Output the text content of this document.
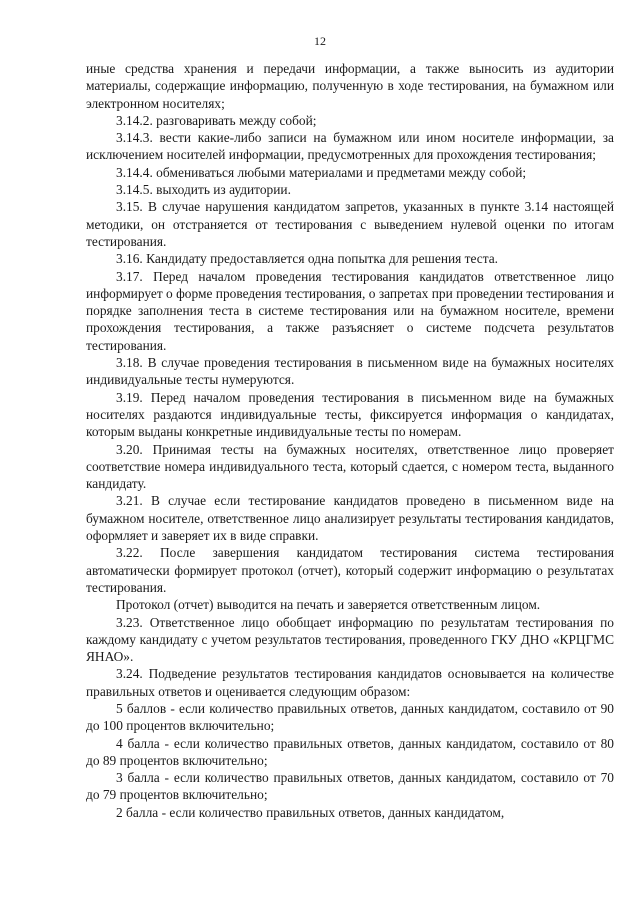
12

иные средства хранения и передачи информации, а также выносить из аудитории материалы, содержащие информацию, полученную в ходе тестирования, на бумажном или электронном носителях;

3.14.2. разговаривать между собой;

3.14.3. вести какие-либо записи на бумажном или ином носителе информации, за исключением носителей информации, предусмотренных для прохождения тестирования;

3.14.4. обмениваться любыми материалами и предметами между собой;

3.14.5. выходить из аудитории.

3.15. В случае нарушения кандидатом запретов, указанных в пункте 3.14 настоящей методики, он отстраняется от тестирования с выведением нулевой оценки по итогам тестирования.

3.16. Кандидату предоставляется одна попытка для решения теста.

3.17. Перед началом проведения тестирования кандидатов ответственное лицо информирует о форме проведения тестирования, о запретах при проведении тестирования и порядке заполнения теста в системе тестирования или на бумажном носителе, времени прохождения тестирования, а также разъясняет о системе подсчета результатов тестирования.

3.18. В случае проведения тестирования в письменном виде на бумажных носителях индивидуальные тесты нумеруются.

3.19. Перед началом проведения тестирования в письменном виде на бумажных носителях раздаются индивидуальные тесты, фиксируется информация о кандидатах, которым выданы конкретные индивидуальные тесты по номерам.

3.20. Принимая тесты на бумажных носителях, ответственное лицо проверяет соответствие номера индивидуального теста, который сдается, с номером теста, выданного кандидату.

3.21. В случае если тестирование кандидатов проведено в письменном виде на бумажном носителе, ответственное лицо анализирует результаты тестирования кандидатов, оформляет и заверяет их в виде справки.

3.22. После завершения кандидатом тестирования система тестирования автоматически формирует протокол (отчет), который содержит информацию о результатах тестирования.

Протокол (отчет) выводится на печать и заверяется ответственным лицом.

3.23. Ответственное лицо обобщает информацию по результатам тестирования по каждому кандидату с учетом результатов тестирования, проведенного ГКУ ДНО «КРЦГМС ЯНАО».

3.24. Подведение результатов тестирования кандидатов основывается на количестве правильных ответов и оценивается следующим образом:

5 баллов - если количество правильных ответов, данных кандидатом, составило от 90 до 100 процентов включительно;

4 балла - если количество правильных ответов, данных кандидатом, составило от 80 до 89 процентов включительно;

3 балла - если количество правильных ответов, данных кандидатом, составило от 70 до 79 процентов включительно;

2 балла - если количество правильных ответов, данных кандидатом,
